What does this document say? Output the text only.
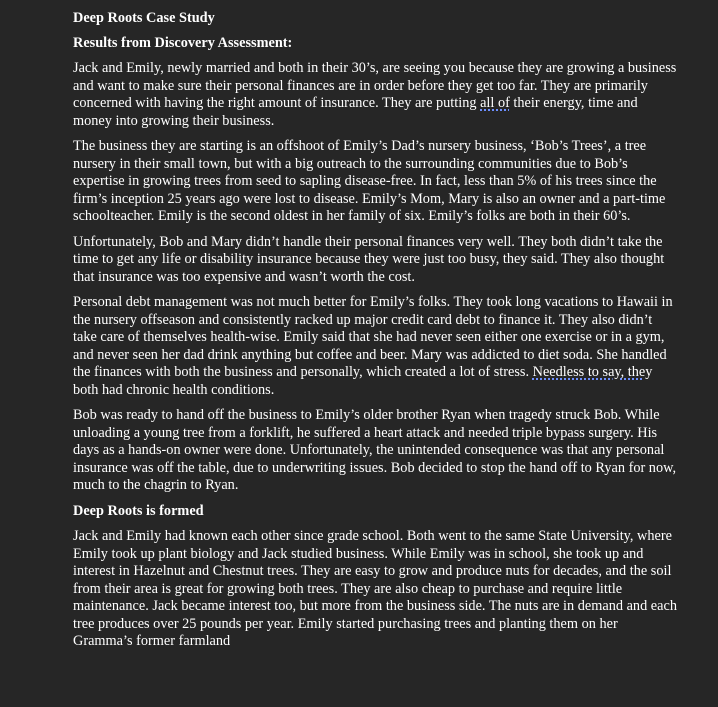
Deep Roots Case Study
Results from Discovery Assessment:

Jack and Emily, newly married and both in their 30’s, are seeing you because they are growing a business and want to make sure their personal finances are in order before they get too far. They are primarily concerned with having the right amount of insurance. They are putting all of their energy, time and money into growing their business.

The business they are starting is an offshoot of Emily’s Dad’s nursery business, ‘Bob’s Trees’, a tree nursery in their small town, but with a big outreach to the surrounding communities due to Bob’s expertise in growing trees from seed to sapling disease-free. In fact, less than 5% of his trees since the firm’s inception 25 years ago were lost to disease. Emily’s Mom, Mary is also an owner and a part-time schoolteacher. Emily is the second oldest in her family of six. Emily’s folks are both in their 60’s.

Unfortunately, Bob and Mary didn’t handle their personal finances very well. They both didn’t take the time to get any life or disability insurance because they were just too busy, they said. They also thought that insurance was too expensive and wasn’t worth the cost.

Personal debt management was not much better for Emily’s folks. They took long vacations to Hawaii in the nursery offseason and consistently racked up major credit card debt to finance it. They also didn’t take care of themselves health-wise. Emily said that she had never seen either one exercise or in a gym, and never seen her dad drink anything but coffee and beer. Mary was addicted to diet soda. She handled the finances with both the business and personally, which created a lot of stress. Needless to say, they both had chronic health conditions.

Bob was ready to hand off the business to Emily’s older brother Ryan when tragedy struck Bob. While unloading a young tree from a forklift, he suffered a heart attack and needed triple bypass surgery. His days as a hands-on owner were done. Unfortunately, the unintended consequence was that any personal insurance was off the table, due to underwriting issues. Bob decided to stop the hand off to Ryan for now, much to the chagrin to Ryan.

Deep Roots is formed

Jack and Emily had known each other since grade school. Both went to the same State University, where Emily took up plant biology and Jack studied business. While Emily was in school, she took up and interest in Hazelnut and Chestnut trees. They are easy to grow and produce nuts for decades, and the soil from their area is great for growing both trees. They are also cheap to purchase and require little maintenance. Jack became interest too, but more from the business side. The nuts are in demand and each tree produces over 25 pounds per year. Emily started purchasing trees and planting them on her Gramma’s former farmland
